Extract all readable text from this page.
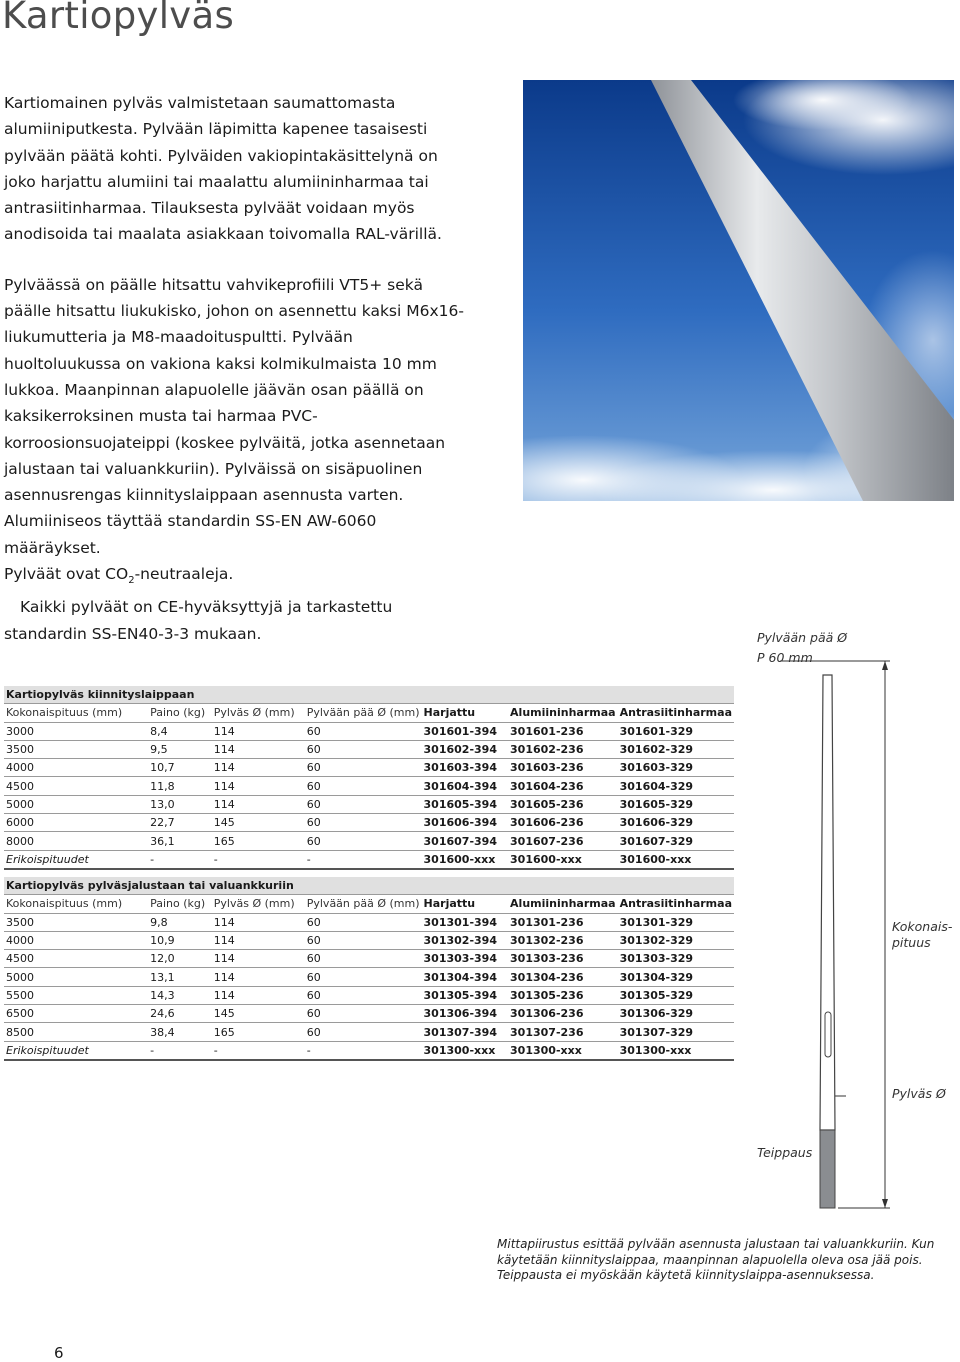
Kartiopylväs

Kartiomainen pylväs valmistetaan saumattomasta alumiiniputkesta. Pylvään läpimitta kapenee tasaisesti pylvään päätä kohti. Pylväiden vakiopintakäsittelynä on joko harjattu alumiini tai maalattu alumiininharmaa tai antrasiitinharmaa. Tilauksesta pylväät voidaan myös anodisoida tai maalata asiakkaan toivomalla RAL-värillä.

Pylväässä on päälle hitsattu vahvikeprofiili VT5+ sekä päälle hitsattu liukukisko, johon on asennettu kaksi M6x16-liukumutteria ja M8-maadoituspultti. Pylvään huoltoluukussa on vakiona kaksi kolmikulmaista 10 mm lukkoa. Maanpinnan alapuolelle jäävän osan päällä on kaksikerroksinen musta tai harmaa PVC-korroosionsuojateippi (koskee pylväitä, jotka asennetaan jalustaan tai valuankkuriin). Pylväissä on sisäpuolinen asennusrengas kiinnityslaippaan asennusta varten. Alumiiniseos täyttää standardin SS-EN AW-6060 määräykset.
Pylväät ovat $CO_2$-neutraaleja.
Kaikki pylväät on CE-hyväksyttyjä ja tarkastettu standardin SS-EN40-3-3 mukaan.

Kartiopylväs kiinnityslaippaan						
Kokonaispituus (mm)	Paino (kg)	Pylväs Ø (mm)	Pylvään pää Ø (mm)	Harjattu	Alumiininharmaa	Antrasiitinharmaa
3000	8,4	114	60	301601-394	301601-236	301601-329
3500	9,5	114	60	301602-394	301602-236	301602-329
4000	10,7	114	60	301603-394	301603-236	301603-329
4500	11,8	114	60	301604-394	301604-236	301604-329
5000	13,0	114	60	301605-394	301605-236	301605-329
6000	22,7	145	60	301606-394	301606-236	301606-329
8000	36,1	165	60	301607-394	301607-236	301607-329
Erikoispituudet	-	-	-	301600-xxx	301600-xxx	301600-xxx
Kartiopylväs pylväsjalustaan tai valuankkuriin						
Kokonaispituus (mm)	Paino (kg)	Pylväs Ø (mm)	Pylvään pää Ø (mm)	Harjattu	Alumiininharmaa	Antrasiitinharmaa
3500	9,8	114	60	301301-394	301301-236	301301-329
4000	10,9	114	60	301302-394	301302-236	301302-329
4500	12,0	114	60	301303-394	301303-236	301303-329
5000	13,1	114	60	301304-394	301304-236	301304-329
5500	14,3	114	60	301305-394	301305-236	301305-329
6500	24,6	145	60	301306-394	301306-236	301306-329
8500	38,4	165	60	301307-394	301307-236	301307-329
Erikoispituudet	-	-	-	301300-xxx	301300-xxx	301300-xxx
Pylvään pää Ø
P 60 mm
Kokonais-
pituus
Pylväs Ø
Teippaus
Mittapiirustus esittää pylvään asennusta jalustaan tai valuankkuriin. Kun käytetään kiinnityslaippaa, maanpinnan alapuolella oleva osa jää pois. Teippausta ei myöskään käytetä kiinnityslaippa-asennuksessa.
6
